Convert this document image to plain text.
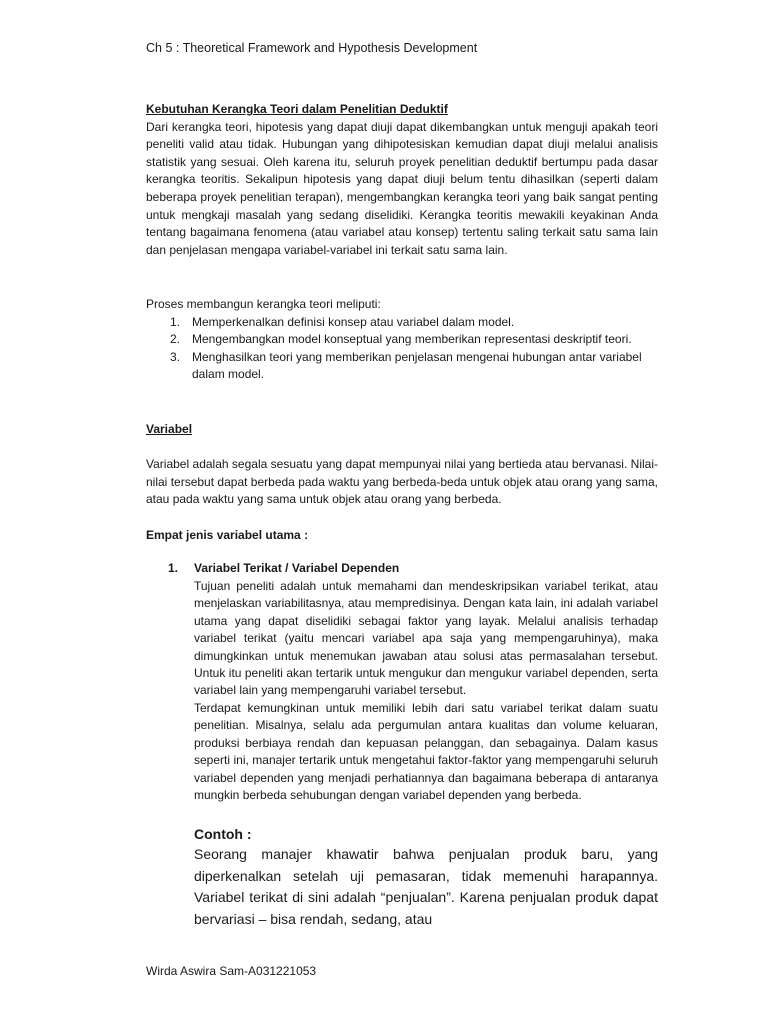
Ch 5 : Theoretical Framework and Hypothesis Development
Kebutuhan Kerangka Teori dalam Penelitian Deduktif

Dari kerangka teori, hipotesis yang dapat diuji dapat dikembangkan untuk menguji apakah teori peneliti valid atau tidak. Hubungan yang dihipotesiskan kemudian dapat diuji melalui analisis statistik yang sesuai. Oleh karena itu, seluruh proyek penelitian deduktif bertumpu pada dasar kerangka teoritis. Sekalipun hipotesis yang dapat diuji belum tentu dihasilkan (seperti dalam beberapa proyek penelitian terapan), mengembangkan kerangka teori yang baik sangat penting untuk mengkaji masalah yang sedang diselidiki. Kerangka teoritis mewakili keyakinan Anda tentang bagaimana fenomena (atau variabel atau konsep) tertentu saling terkait satu sama lain dan penjelasan mengapa variabel-variabel ini terkait satu sama lain.

Proses membangun kerangka teori meliputi:
1. Memperkenalkan definisi konsep atau variabel dalam model.
2. Mengembangkan model konseptual yang memberikan representasi deskriptif teori.
3. Menghasilkan teori yang memberikan penjelasan mengenai hubungan antar variabel dalam model.
Variabel

Variabel adalah segala sesuatu yang dapat mempunyai nilai yang bertieda atau bervanasi. Nilai-nilai tersebut dapat berbeda pada waktu yang berbeda-beda untuk objek atau orang yang sama, atau pada waktu yang sama untuk objek atau orang yang berbeda.

Empat jenis variabel utama :
1. Variabel Terikat / Variabel Dependen

Tujuan peneliti adalah untuk memahami dan mendeskripsikan variabel terikat, atau menjelaskan variabilitasnya, atau mempredisinya. Dengan kata lain, ini adalah variabel utama yang dapat diselidiki sebagai faktor yang layak. Melalui analisis terhadap variabel terikat (yaitu mencari variabel apa saja yang mempengaruhinya), maka dimungkinkan untuk menemukan jawaban atau solusi atas permasalahan tersebut. Untuk itu peneliti akan tertarik untuk mengukur dan mengukur variabel dependen, serta variabel lain yang mempengaruhi variabel tersebut.

Terdapat kemungkinan untuk memiliki lebih dari satu variabel terikat dalam suatu penelitian. Misalnya, selalu ada pergumulan antara kualitas dan volume keluaran, produksi berbiaya rendah dan kepuasan pelanggan, dan sebagainya. Dalam kasus seperti ini, manajer tertarik untuk mengetahui faktor-faktor yang mempengaruhi seluruh variabel dependen yang menjadi perhatiannya dan bagaimana beberapa di antaranya mungkin berbeda sehubungan dengan variabel dependen yang berbeda.

Contoh :

Seorang manajer khawatir bahwa penjualan produk baru, yang diperkenalkan setelah uji pemasaran, tidak memenuhi harapannya. Variabel terikat di sini adalah “penjualan”. Karena penjualan produk dapat bervariasi – bisa rendah, sedang, atau

Wirda Aswira Sam-A031221053
